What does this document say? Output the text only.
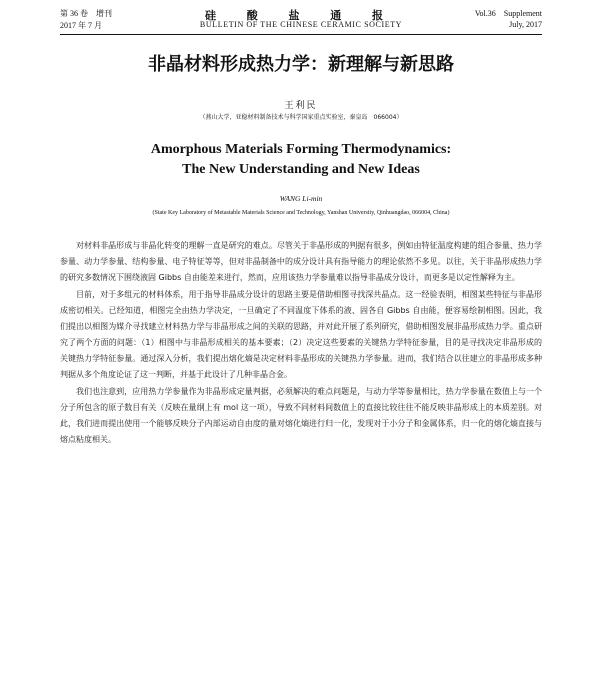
第 36 卷　增刊
2017 年 7 月
硅 酸 盐 通 报
BULLETIN OF THE CHINESE CERAMIC SOCIETY
Vol.36　Supplement
July, 2017
非晶材料形成热力学：新理解与新思路
王利民
（燕山大学，亚稳材料制备技术与科学国家重点实验室，秦皇岛　066004）
Amorphous Materials Forming Thermodynamics:
The New Understanding and New Ideas
WANG Li-min
(State Key Laboratory of Metastable Materials Science and Technology, Yanshan University, Qinhuangdao, 066004, China)

对材料非晶形成与非晶化转变的理解一直是研究的难点。尽管关于非晶形成的判据有很多，例如由特征温度构建的组合参量、热力学参量、动力学参量、结构参量、电子特征等等，但对非晶制备中的成分设计具有指导能力的理论依然不多见。以往，关于非晶形成热力学的研究多数情况下围绕液固 Gibbs 自由能差来进行，然而，应用该热力学参量难以指导非晶成分设计，而更多是以定性解释为主。

目前，对于多组元的材料体系，用于指导非晶成分设计的思路主要是借助相图寻找深共晶点。这一经验表明，相图某些特征与非晶形成密切相关。已经知道，相图完全由热力学决定，一旦确定了不同温度下体系的液、固各自 Gibbs 自由能，便容易绘制相图。因此，我们提出以相图为媒介寻找建立材料热力学与非晶形成之间的关联的思路，并对此开展了系列研究，借助相图发展非晶形成热力学。重点研究了两个方面的问题：（1）相图中与非晶形成相关的基本要素；（2）决定这些要素的关键热力学特征参量，目的是寻找决定非晶形成的关键热力学特征参量。通过深入分析，我们提出熔化熵是决定材料非晶形成的关键热力学参量。进而，我们结合以往建立的非晶形成多种判据从多个角度论证了这一判断，并基于此设计了几种非晶合金。

我们也注意到，应用热力学参量作为非晶形成定量判据，必须解决的难点问题是，与动力学等参量相比，热力学参量在数值上与一个分子所包含的原子数目有关（反映在量纲上有 mol 这一项），导致不同材料间数值上的直接比较往往不能反映非晶形成上的本质差别。对此，我们进而提出使用一个能够反映分子内部运动自由度的量对熔化熵进行归一化，发现对于小分子和金属体系，归一化的熔化熵直接与熔点粘度相关。
